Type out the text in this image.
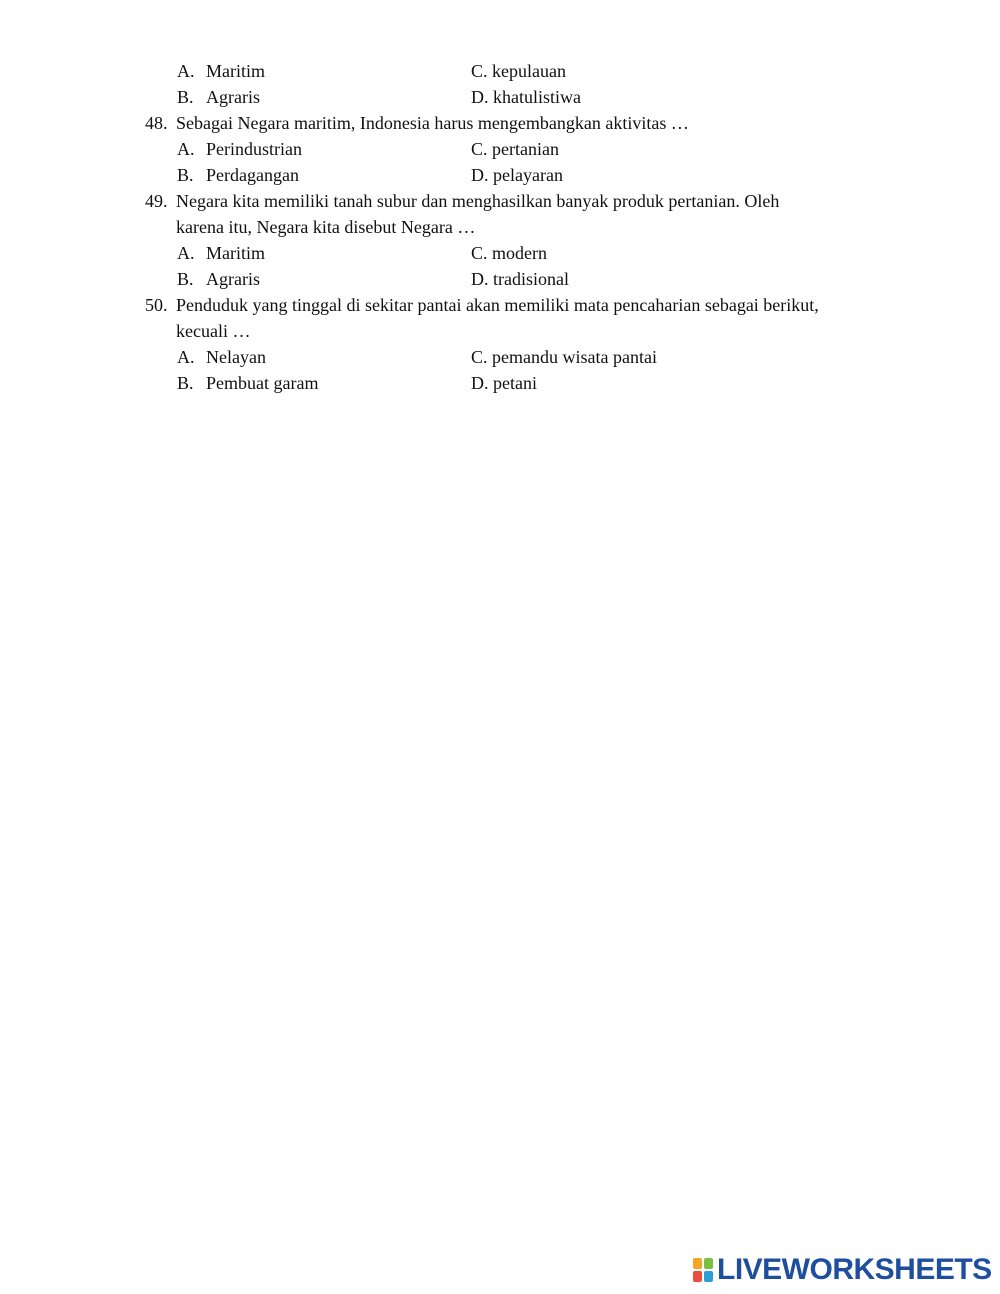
A. Maritim	C. kepulauan
B. Agraris	D. khatulistiwa
48. Sebagai Negara maritim, Indonesia harus mengembangkan aktivitas …
A. Perindustrian	C. pertanian
B. Perdagangan	D. pelayaran
49. Negara kita memiliki tanah subur dan menghasilkan banyak produk pertanian. Oleh
karena itu, Negara kita disebut Negara …
A. Maritim	C. modern
B. Agraris	D. tradisional
50. Penduduk yang tinggal di sekitar pantai akan memiliki mata pencaharian sebagai berikut,
kecuali …
A. Nelayan	C. pemandu wisata pantai
B. Pembuat garam	D. petani
LIVEWORKSHEETS
